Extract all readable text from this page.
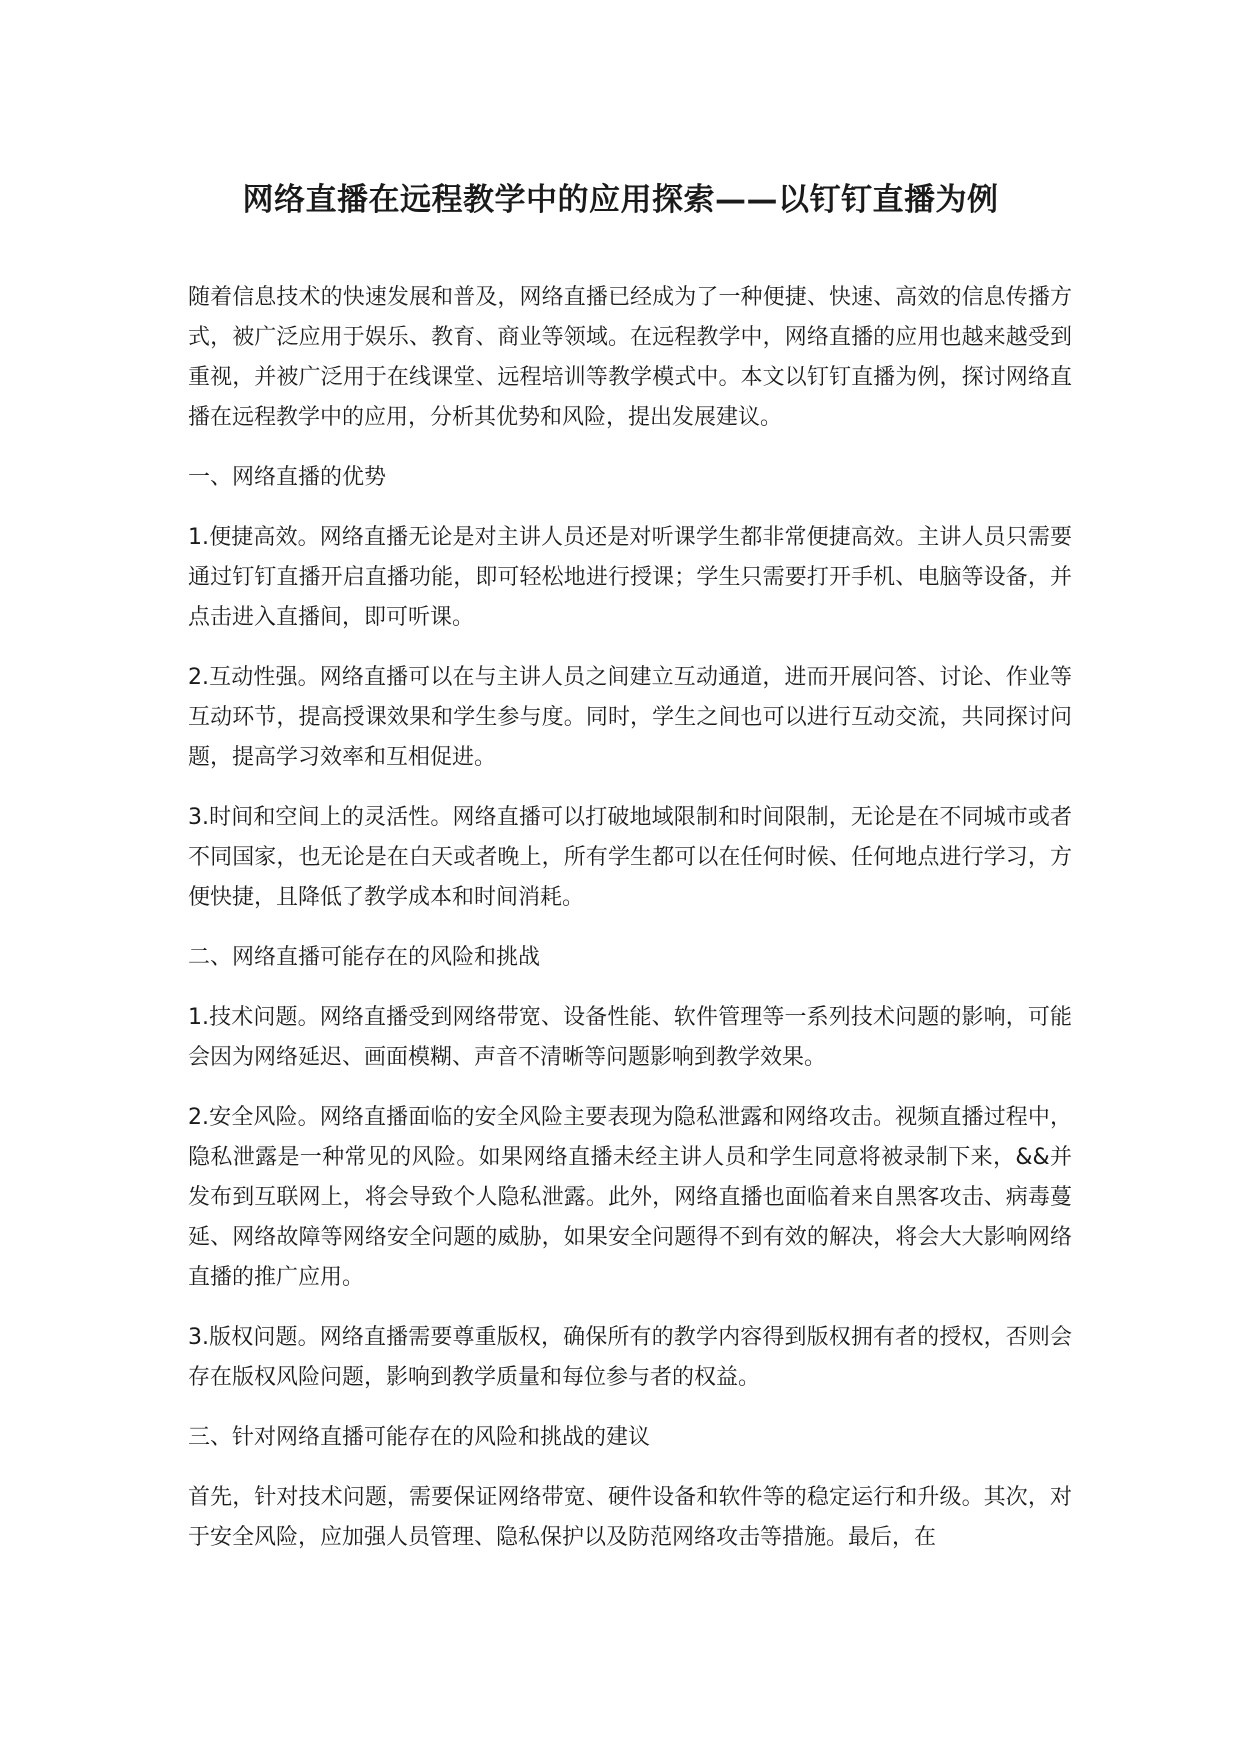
网络直播在远程教学中的应用探索——以钉钉直播为例

随着信息技术的快速发展和普及，网络直播已经成为了一种便捷、快速、高效的信息传播方式，被广泛应用于娱乐、教育、商业等领域。在远程教学中，网络直播的应用也越来越受到重视，并被广泛用于在线课堂、远程培训等教学模式中。本文以钉钉直播为例，探讨网络直播在远程教学中的应用，分析其优势和风险，提出发展建议。

一、网络直播的优势

1.便捷高效。网络直播无论是对主讲人员还是对听课学生都非常便捷高效。主讲人员只需要通过钉钉直播开启直播功能，即可轻松地进行授课；学生只需要打开手机、电脑等设备，并点击进入直播间，即可听课。

2.互动性强。网络直播可以在与主讲人员之间建立互动通道，进而开展问答、讨论、作业等互动环节，提高授课效果和学生参与度。同时，学生之间也可以进行互动交流，共同探讨问题，提高学习效率和互相促进。

3.时间和空间上的灵活性。网络直播可以打破地域限制和时间限制，无论是在不同城市或者不同国家，也无论是在白天或者晚上，所有学生都可以在任何时候、任何地点进行学习，方便快捷，且降低了教学成本和时间消耗。

二、网络直播可能存在的风险和挑战

1.技术问题。网络直播受到网络带宽、设备性能、软件管理等一系列技术问题的影响，可能会因为网络延迟、画面模糊、声音不清晰等问题影响到教学效果。

2.安全风险。网络直播面临的安全风险主要表现为隐私泄露和网络攻击。视频直播过程中，隐私泄露是一种常见的风险。如果网络直播未经主讲人员和学生同意将被录制下来，&&并发布到互联网上，将会导致个人隐私泄露。此外，网络直播也面临着来自黑客攻击、病毒蔓延、网络故障等网络安全问题的威胁，如果安全问题得不到有效的解决，将会大大影响网络直播的推广应用。

3.版权问题。网络直播需要尊重版权，确保所有的教学内容得到版权拥有者的授权，否则会存在版权风险问题，影响到教学质量和每位参与者的权益。

三、针对网络直播可能存在的风险和挑战的建议

首先，针对技术问题，需要保证网络带宽、硬件设备和软件等的稳定运行和升级。其次，对于安全风险，应加强人员管理、隐私保护以及防范网络攻击等措施。最后，在
